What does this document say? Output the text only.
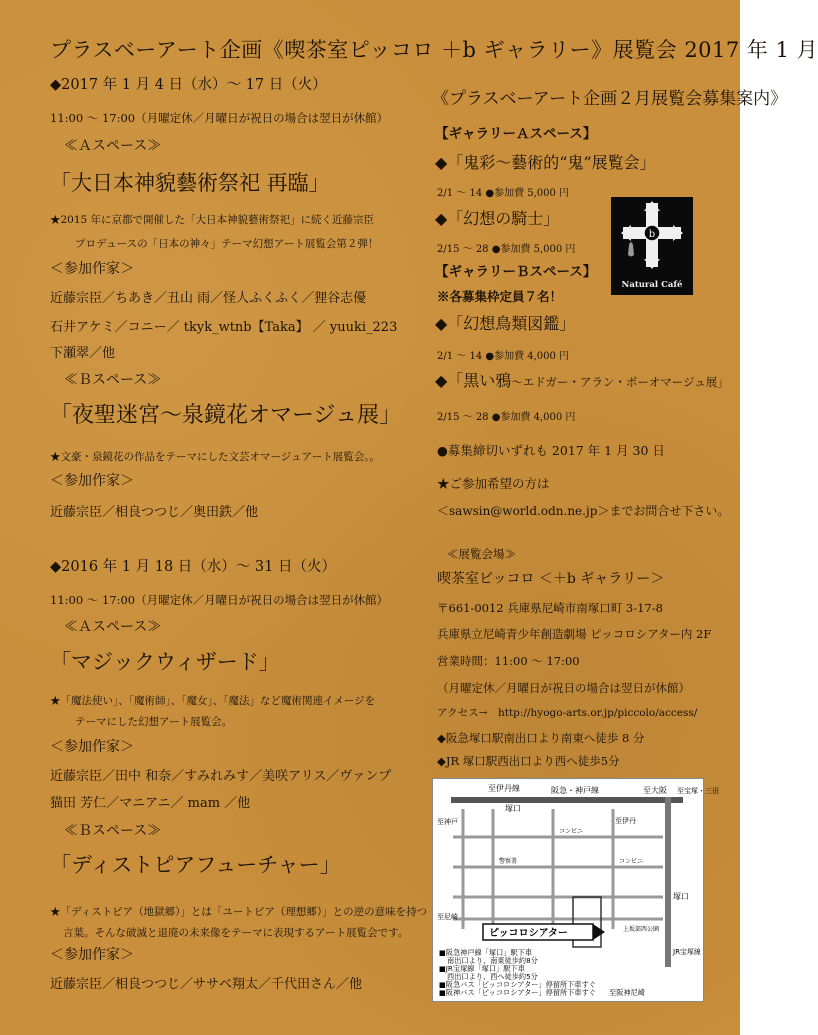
プラスベーアート企画《喫茶室ピッコロ ＋b ギャラリー》展覧会 2017 年 1 月
◆2017 年 1 月 4 日（水）～ 17 日（火）
11:00 ～ 17:00（月曜定休／月曜日が祝日の場合は翌日が休館）
≪Ａスペース≫
「大日本神貌藝術祭祀 再臨」
★2015 年に京都で開催した「大日本神貌藝術祭祀」に続く近藤宗臣
プロデュースの「日本の神々」テーマ幻想アート展覧会第２弾！
＜参加作家＞
近藤宗臣／ちあき／丑山 雨／怪人ふくふく／狸谷志優
石井アケミ／コニー／ tkyk_wtnb【Taka】 ／ yuuki_223
下瀬翠／他
≪Ｂスペース≫
「夜聖迷宮～泉鏡花オマージュ展」
★文豪・泉鏡花の作品をテーマにした文芸オマージュアート展覧会。。
＜参加作家＞
近藤宗臣／相良つつじ／奥田鉄／他
◆2016 年 1 月 18 日（水）～ 31 日（火）
11:00 ～ 17:00（月曜定休／月曜日が祝日の場合は翌日が休館）
≪Ａスペース≫
「マジックウィザード」
★「魔法使い」、「魔術師」、「魔女」、「魔法」など魔術関連イメージを
テーマにした幻想アート展覧会。
＜参加作家＞
近藤宗臣／田中 和奈／すみれみす／美咲アリス／ヴァンプ
猫田 芳仁／マニアニ／ mam ／他
≪Ｂスペース≫
「ディストピアフューチャー」
★「ディストピア（地獄郷）」とは「ユートピア（理想郷）」との逆の意味を持つ
言葉。そんな破滅と退廃の未来像をテーマに表現するアート展覧会です。
＜参加作家＞
近藤宗臣／相良つつじ／ササベ翔太／千代田さん／他
《プラスベーアート企画２月展覧会募集案内》
【ギャラリーＡスペース】
◆「鬼彩～藝術的“鬼”展覧会」
2/1 ～ 14 ●参加費 5,000 円
◆「幻想の騎士」
2/15 ～ 28 ●参加費 5,000 円
【ギャラリーＢスペース】
※各募集枠定員７名！
◆「幻想鳥類図鑑」
2/1 ～ 14 ●参加費 4,000 円
◆「黒い鴉～エドガー・アラン・ポーオマージュ展」
2/15 ～ 28 ●参加費 4,000 円
●募集締切いずれも 2017 年 1 月 30 日
★ご参加希望の方は
＜sawsin@world.odn.ne.jp＞までお問合せ下さい。
b
Natural Café
≪展覧会場≫
喫茶室ピッコロ ＜＋b ギャラリー＞
〒661-0012 兵庫県尼崎市南塚口町 3-17-8
兵庫県立尼崎青少年創造劇場 ピッコロシアター内 2F
営業時間：11:00 ～ 17:00
（月曜定休／月曜日が祝日の場合は翌日が休館）
アクセス→　http://hyogo-arts.or.jp/piccolo/access/
◆阪急塚口駅南出口より南東へ徒歩 8 分
◆JR 塚口駅西出口より西へ徒歩5分
至伊丹線
塚口
阪急・神戸線	至大阪
至神戸	至伊丹
至宝塚・三田
至尼崎
塚口
JR宝塚線
コンビニ
コンビニ
警察署
上坂部西公園
ピッコロシアター
■阪急神戸線「塚口」駅下車
南出口より、南東徒歩約8分
■JR宝塚線「塚口」駅下車
西出口より、西へ徒歩約5分
■阪急バス「ピッコロシアター」停留所下車すぐ
■阪神バス「ピッコロシアター」停留所下車すぐ 至阪神尼崎
